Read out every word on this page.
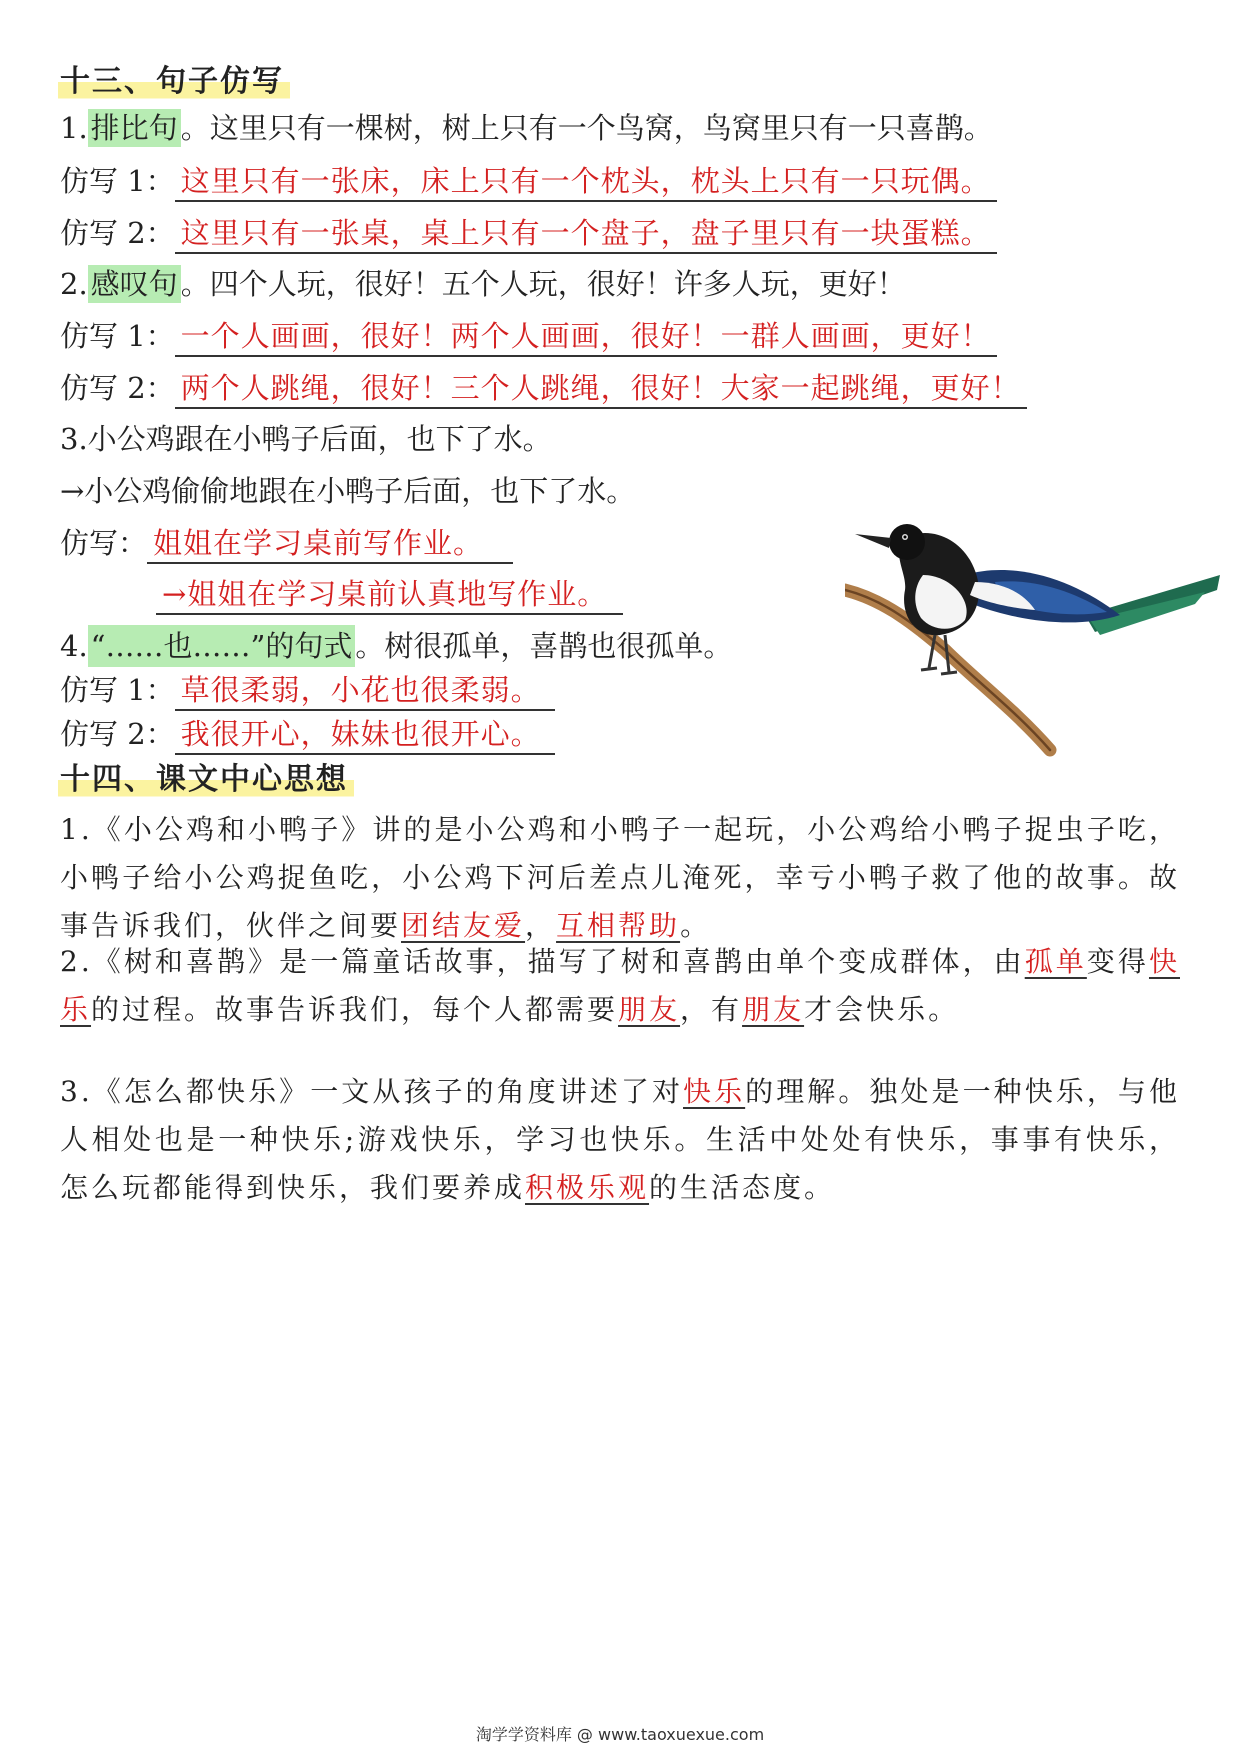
十三、句子仿写
1. 排比句 。这里只有一棵树，树上只有一个鸟窝，鸟窝里只有一只喜鹊。
仿写 1： 这里只有一张床，床上只有一个枕头，枕头上只有一只玩偶。
仿写 2： 这里只有一张桌，桌上只有一个盘子，盘子里只有一块蛋糕。
2. 感叹句 。四个人玩，很好！五个人玩，很好！许多人玩，更好！
仿写 1： 一个人画画，很好！两个人画画，很好！一群人画画，更好！
仿写 2： 两个人跳绳，很好！三个人跳绳，很好！大家一起跳绳，更好！
3.小公鸡跟在小鸭子后面，也下了水。
→小公鸡偷偷地跟在小鸭子后面，也下了水。
仿写： 姐姐在学习桌前写作业。
→姐姐在学习桌前认真地写作业。
4. “……也……”的句式 。树很孤单，喜鹊也很孤单。
仿写 1： 草很柔弱，小花也很柔弱。
仿写 2： 我很开心，妹妹也很开心。
十四、课文中心思想
1.《小公鸡和小鸭子》讲的是小公鸡和小鸭子一起玩，小公鸡给小鸭子捉虫子吃，小鸭子给小公鸡捉鱼吃，小公鸡下河后差点儿淹死，幸亏小鸭子救了他的故事。故事告诉我们，伙伴之间要团结友爱，互相帮助。
2.《树和喜鹊》是一篇童话故事，描写了树和喜鹊由单个变成群体，由孤单变得快乐的过程。故事告诉我们，每个人都需要朋友，有朋友才会快乐。
3.《怎么都快乐》一文从孩子的角度讲述了对快乐的理解。独处是一种快乐，与他人相处也是一种快乐;游戏快乐，学习也快乐。生活中处处有快乐，事事有快乐，怎么玩都能得到快乐，我们要养成积极乐观的生活态度。
淘学学资料库 @ www.taoxuexue.com
